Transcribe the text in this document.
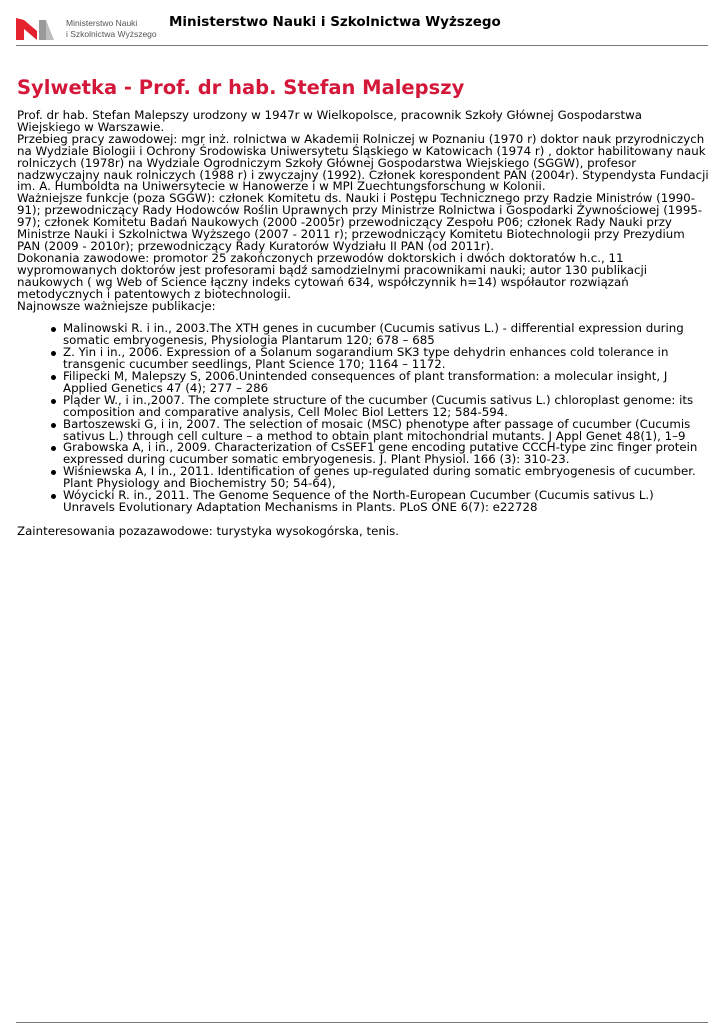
Ministerstwo Nauki
i Szkolnictwa Wyższego
Ministerstwo Nauki i Szkolnictwa Wyższego
Sylwetka - Prof. dr hab. Stefan Malepszy

Prof. dr hab. Stefan Malepszy urodzony w 1947r w Wielkopolsce, pracownik Szkoły Głównej Gospodarstwa Wiejskiego w Warszawie.

Przebieg pracy zawodowej: mgr inż. rolnictwa w Akademii Rolniczej w Poznaniu (1970 r) doktor nauk przyrodniczych na Wydziale Biologii i Ochrony Środowiska Uniwersytetu Śląskiego w Katowicach (1974 r) , doktor habilitowany nauk rolniczych (1978r) na Wydziale Ogrodniczym Szkoły Głównej Gospodarstwa Wiejskiego (SGGW), profesor nadzwyczajny nauk rolniczych (1988 r) i zwyczajny (1992). Członek korespondent PAN (2004r). Stypendysta Fundacji im. A. Humboldta na Uniwersytecie w Hanowerze i w MPI Zuechtungsforschung w Kolonii.

Ważniejsze funkcje (poza SGGW): członek Komitetu ds. Nauki i Postępu Technicznego przy Radzie Ministrów (1990-91); przewodniczący Rady Hodowców Roślin Uprawnych przy Ministrze Rolnictwa i Gospodarki Żywnościowej (1995-97); członek Komitetu Badań Naukowych (2000 -2005r) przewodniczący Zespołu P06; członek Rady Nauki przy Ministrze Nauki i Szkolnictwa Wyższego (2007 - 2011 r); przewodniczący Komitetu Biotechnologii przy Prezydium PAN (2009 - 2010r); przewodniczący Rady Kuratorów Wydziału II PAN (od 2011r).

Dokonania zawodowe: promotor 25 zakończonych przewodów doktorskich i dwóch doktoratów h.c., 11 wypromowanych doktorów jest profesorami bądź samodzielnymi pracownikami nauki; autor 130 publikacji naukowych ( wg Web of Science łączny indeks cytowań 634, współczynnik h=14) współautor rozwiązań metodycznych i patentowych z biotechnologii.

Najnowsze ważniejsze publikacje:

Malinowski R. i in., 2003.The XTH genes in cucumber (Cucumis sativus L.) - differential expression during somatic embryogenesis, Physiologia Plantarum 120; 678 – 685
Z. Yin i in., 2006. Expression of a Solanum sogarandium SK3 type dehydrin enhances cold tolerance in transgenic cucumber seedlings, Plant Science 170; 1164 – 1172.
Filipecki M, Malepszy S, 2006.Unintended consequences of plant transformation: a molecular insight, J Applied Genetics 47 (4); 277 – 286
Pląder W., i in.,2007. The complete structure of the cucumber (Cucumis sativus L.) chloroplast genome: its composition and comparative analysis, Cell Molec Biol Letters 12; 584-594.
Bartoszewski G, i in, 2007. The selection of mosaic (MSC) phenotype after passage of cucumber (Cucumis sativus L.) through cell culture – a method to obtain plant mitochondrial mutants. J Appl Genet 48(1), 1–9
Grabowska A, i in., 2009. Characterization of CsSEF1 gene encoding putative CCCH-type zinc finger protein expressed during cucumber somatic embryogenesis. J. Plant Physiol. 166 (3): 310-23.
Wiśniewska A, I in., 2011. Identification of genes up-regulated during somatic embryogenesis of cucumber. Plant Physiology and Biochemistry 50; 54-64),
Wóycicki R. in., 2011. The Genome Sequence of the North-European Cucumber (Cucumis sativus L.) Unravels Evolutionary Adaptation Mechanisms in Plants. PLoS ONE 6(7): e22728

Zainteresowania pozazawodowe: turystyka wysokogórska, tenis.
